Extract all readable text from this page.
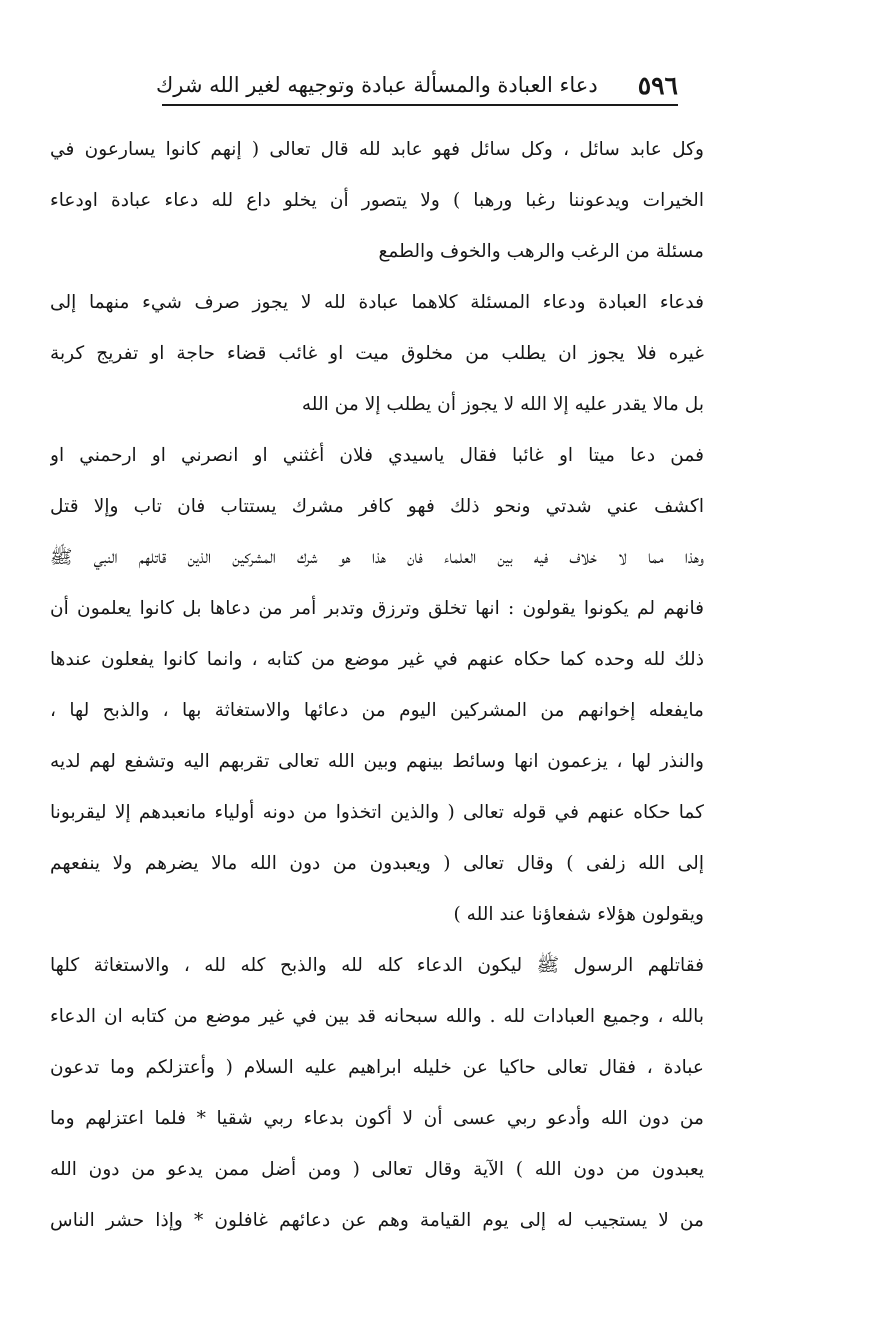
٥٩٦
دعاء العبادة والمسألة عبادة وتوجيهه لغير الله شرك
وكل عابد سائل ، وكل سائل فهو عابد لله قال تعالى ( إنهم كانوا يسارعون في
الخيرات ويدعوننا رغبا ورهبا ) ولا يتصور أن يخلو داع لله دعاء عبادة اودعاء
مسئلة من الرغب والرهب والخوف والطمع
فدعاء العبادة ودعاء المسئلة كلاهما عبادة لله لا يجوز صرف شيء منهما إلى
غيره فلا يجوز ان يطلب من مخلوق ميت او غائب قضاء حاجة او تفريج كربة
بل مالا يقدر عليه إلا الله لا يجوز أن يطلب إلا من الله
فمن دعا ميتا او غائبا فقال ياسيدي فلان أغثني او انصرني او ارحمني او
اكشف عني شدتي ونحو ذلك فهو كافر مشرك يستتاب فان تاب وإلا قتل
وهذا مما لا خلاف فيه بين العلماء فان هذا هو شرك المشركين الذين قاتلهم النبي ﷺ
فانهم لم يكونوا يقولون : انها تخلق وترزق وتدبر أمر من دعاها بل كانوا يعلمون أن
ذلك لله وحده كما حكاه عنهم في غير موضع من كتابه ، وانما كانوا يفعلون عندها
مايفعله إخوانهم من المشركين اليوم من دعائها والاستغاثة بها ، والذبح لها ،
والنذر لها ، يزعمون انها وسائط بينهم وبين الله تعالى تقربهم اليه وتشفع لهم لديه
كما حكاه عنهم في قوله تعالى ( والذين اتخذوا من دونه أولياء مانعبدهم إلا ليقربونا
إلى الله زلفى ) وقال تعالى ( ويعبدون من دون الله مالا يضرهم ولا ينفعهم
ويقولون هؤلاء شفعاؤنا عند الله )
فقاتلهم الرسول ﷺ ليكون الدعاء كله لله والذبح كله لله ، والاستغاثة كلها
بالله ، وجميع العبادات لله . والله سبحانه قد بين في غير موضع من كتابه ان الدعاء
عبادة ، فقال تعالى حاكيا عن خليله ابراهيم عليه السلام ( وأعتزلكم وما تدعون
من دون الله وأدعو ربي عسى أن لا أكون بدعاء ربي شقيا * فلما اعتزلهم وما
يعبدون من دون الله ) الآية وقال تعالى ( ومن أضل ممن يدعو من دون الله
من لا يستجيب له إلى يوم القيامة وهم عن دعائهم غافلون * وإذا حشر الناس
